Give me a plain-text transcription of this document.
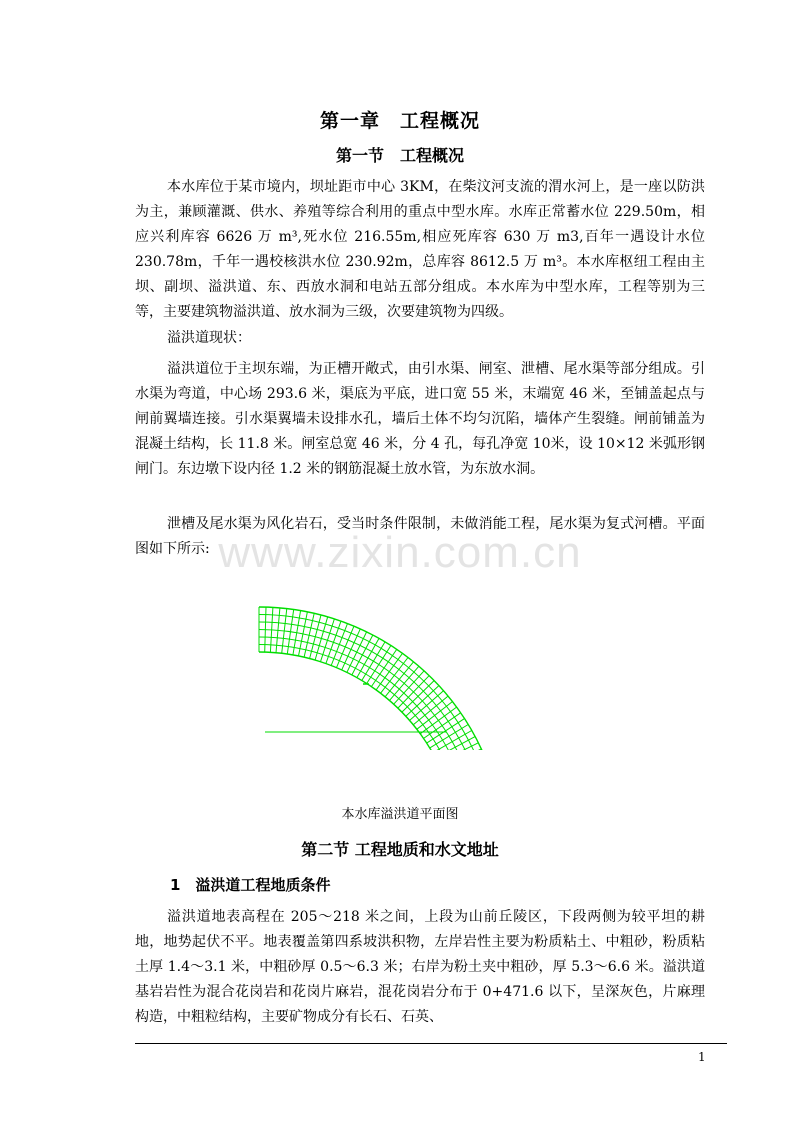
第一章　工程概况
第一节　工程概况
本水库位于某市境内，坝址距市中心 3KM，在柴汶河支流的渭水河上，是一座以防洪为主，兼顾灌溉、供水、养殖等综合利用的重点中型水库。水库正常蓄水位 229.50m，相应兴利库容 6626 万 m³,死水位 216.55m,相应死库容 630 万 m3,百年一遇设计水位 230.78m，千年一遇校核洪水位 230.92m，总库容 8612.5 万 m³。本水库枢纽工程由主坝、副坝、溢洪道、东、西放水洞和电站五部分组成。本水库为中型水库，工程等别为三等，主要建筑物溢洪道、放水洞为三级，次要建筑物为四级。
溢洪道现状：
溢洪道位于主坝东端，为正槽开敞式，由引水渠、闸室、泄槽、尾水渠等部分组成。引水渠为弯道，中心场 293.6 米，渠底为平底，进口宽 55 米，末端宽 46 米，至铺盖起点与闸前翼墙连接。引水渠翼墙未设排水孔，墙后土体不均匀沉陷，墙体产生裂缝。闸前铺盖为混凝土结构，长 11.8 米。闸室总宽 46 米，分 4 孔，每孔净宽 10米，设 10×12 米弧形钢闸门。东边墩下设内径 1.2 米的钢筋混凝土放水管，为东放水洞。
泄槽及尾水渠为风化岩石，受当时条件限制，未做消能工程，尾水渠为复式河槽。平面图如下所示: www.zixin.com.cn
本水库溢洪道平面图
第二节 工程地质和水文地址
1　溢洪道工程地质条件
溢洪道地表高程在 205～218 米之间，上段为山前丘陵区，下段两侧为较平坦的耕地，地势起伏不平。地表覆盖第四系坡洪积物，左岸岩性主要为粉质粘土、中粗砂，粉质粘土厚 1.4～3.1 米，中粗砂厚 0.5～6.3 米；右岸为粉土夹中粗砂，厚 5.3～6.6 米。溢洪道基岩岩性为混合花岗岩和花岗片麻岩，混花岗岩分布于 0+471.6 以下，呈深灰色，片麻理构造，中粗粒结构，主要矿物成分有长石、石英、
1
